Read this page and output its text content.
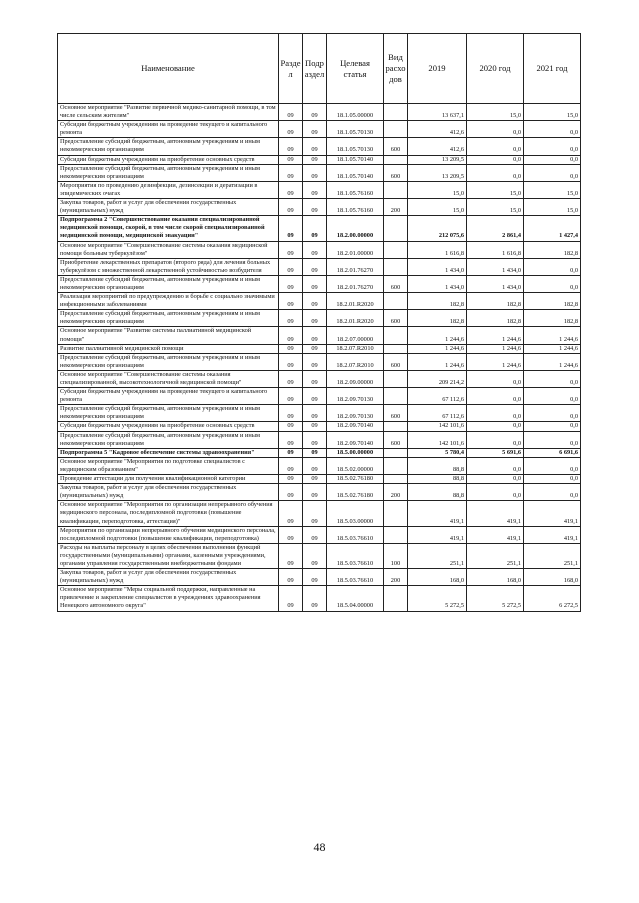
Наименование	Разде л	Подр аздел	Целевая статья	Вид расхо дов	2019	2020 год	2021 год
Основное мероприятие "Развитие первичной медико-санитарной помощи, в том числе сельским жителям"	09	09	18.1.05.00000		13 637,1	15,0	15,0
Субсидии бюджетным учреждениям на проведение текущего и капитального ремонта	09	09	18.1.05.70130		412,6	0,0	0,0
Предоставление субсидий бюджетным, автономным учреждениям и иным некоммерческим организациям	09	09	18.1.05.70130	600	412,6	0,0	0,0
Субсидии бюджетным учреждениям на приобретение основных средств	09	09	18.1.05.70140		13 209,5	0,0	0,0
Предоставление субсидий бюджетным, автономным учреждениям и иным некоммерческим организациям	09	09	18.1.05.70140	600	13 209,5	0,0	0,0
Мероприятия по проведению дезинфекции, дезинсекции и дератизации в эпидемических очагах	09	09	18.1.05.76160		15,0	15,0	15,0
Закупка товаров, работ и услуг для обеспечения государственных (муниципальных) нужд	09	09	18.1.05.76160	200	15,0	15,0	15,0
Подпрограмма 2 "Совершенствование оказания специализированной медицинской помощи, скорой, в том числе скорой специализированной медицинской помощи, медицинской эвакуации"	09	09	18.2.00.00000		212 075,6	2 861,4	1 427,4
Основное мероприятие "Совершенствование системы оказания медицинской помощи больным туберкулёзом"	09	09	18.2.01.00000		1 616,8	1 616,8	182,8
Приобретение лекарственных препаратов (второго ряда) для лечения больных туберкулёзом с множественной лекарственной устойчивостью возбудителя	09	09	18.2.01.76270		1 434,0	1 434,0	0,0
Предоставление субсидий бюджетным, автономным учреждениям и иным некоммерческим организациям	09	09	18.2.01.76270	600	1 434,0	1 434,0	0,0
Реализация мероприятий по предупреждению и борьбе с социально значимыми инфекционными заболеваниями	09	09	18.2.01.R2020		182,8	182,8	182,8
Предоставление субсидий бюджетным, автономным учреждениям и иным некоммерческим организациям	09	09	18.2.01.R2020	600	182,8	182,8	182,8
Основное мероприятие "Развитие системы паллиативной медицинской помощи"	09	09	18.2.07.00000		1 244,6	1 244,6	1 244,6
Развитие паллиативной медицинской помощи	09	09	18.2.07.R2010		1 244,6	1 244,6	1 244,6
Предоставление субсидий бюджетным, автономным учреждениям и иным некоммерческим организациям	09	09	18.2.07.R2010	600	1 244,6	1 244,6	1 244,6
Основное мероприятие "Совершенствование системы оказания специализированной, высокотехнологичной медицинской помощи"	09	09	18.2.09.00000		209 214,2	0,0	0,0
Субсидии бюджетным учреждениям на проведение текущего и капитального ремонта	09	09	18.2.09.70130		67 112,6	0,0	0,0
Предоставление субсидий бюджетным, автономным учреждениям и иным некоммерческим организациям	09	09	18.2.09.70130	600	67 112,6	0,0	0,0
Субсидии бюджетным учреждениям на приобретение основных средств	09	09	18.2.09.70140		142 101,6	0,0	0,0
Предоставление субсидий бюджетным, автономным учреждениям и иным некоммерческим организациям	09	09	18.2.09.70140	600	142 101,6	0,0	0,0
Подпрограмма 5 "Кадровое обеспечение системы здравоохранения"	09	09	18.5.00.00000		5 780,4	5 691,6	6 691,6
Основное мероприятие "Мероприятия по подготовке специалистов с медицинским образованием"	09	09	18.5.02.00000		88,8	0,0	0,0
Проведение аттестации для получения квалификационной категории	09	09	18.5.02.76180		88,8	0,0	0,0
Закупка товаров, работ и услуг для обеспечения государственных (муниципальных) нужд	09	09	18.5.02.76180	200	88,8	0,0	0,0
Основное мероприятие "Мероприятия по организации непрерывного обучения медицинского персонала, последипломной подготовки (повышение квалификации, переподготовка, аттестация)"	09	09	18.5.03.00000		419,1	419,1	419,1
Мероприятия по организации непрерывного обучения медицинского персонала, последипломной подготовки (повышение квалификации, переподготовка)	09	09	18.5.03.76610		419,1	419,1	419,1
Расходы на выплаты персоналу в целях обеспечения выполнения функций государственными (муниципальными) органами, казенными учреждениями, органами управления государственными внебюджетными фондами	09	09	18.5.03.76610	100	251,1	251,1	251,1
Закупка товаров, работ и услуг для обеспечения государственных (муниципальных) нужд	09	09	18.5.03.76610	200	168,0	168,0	168,0
Основное мероприятие "Меры социальной поддержки, направленные на привлечение и закрепление специалистов в учреждениях здравоохранения Ненецкого автономного округа"	09	09	18.5.04.00000		5 272,5	5 272,5	6 272,5
48
